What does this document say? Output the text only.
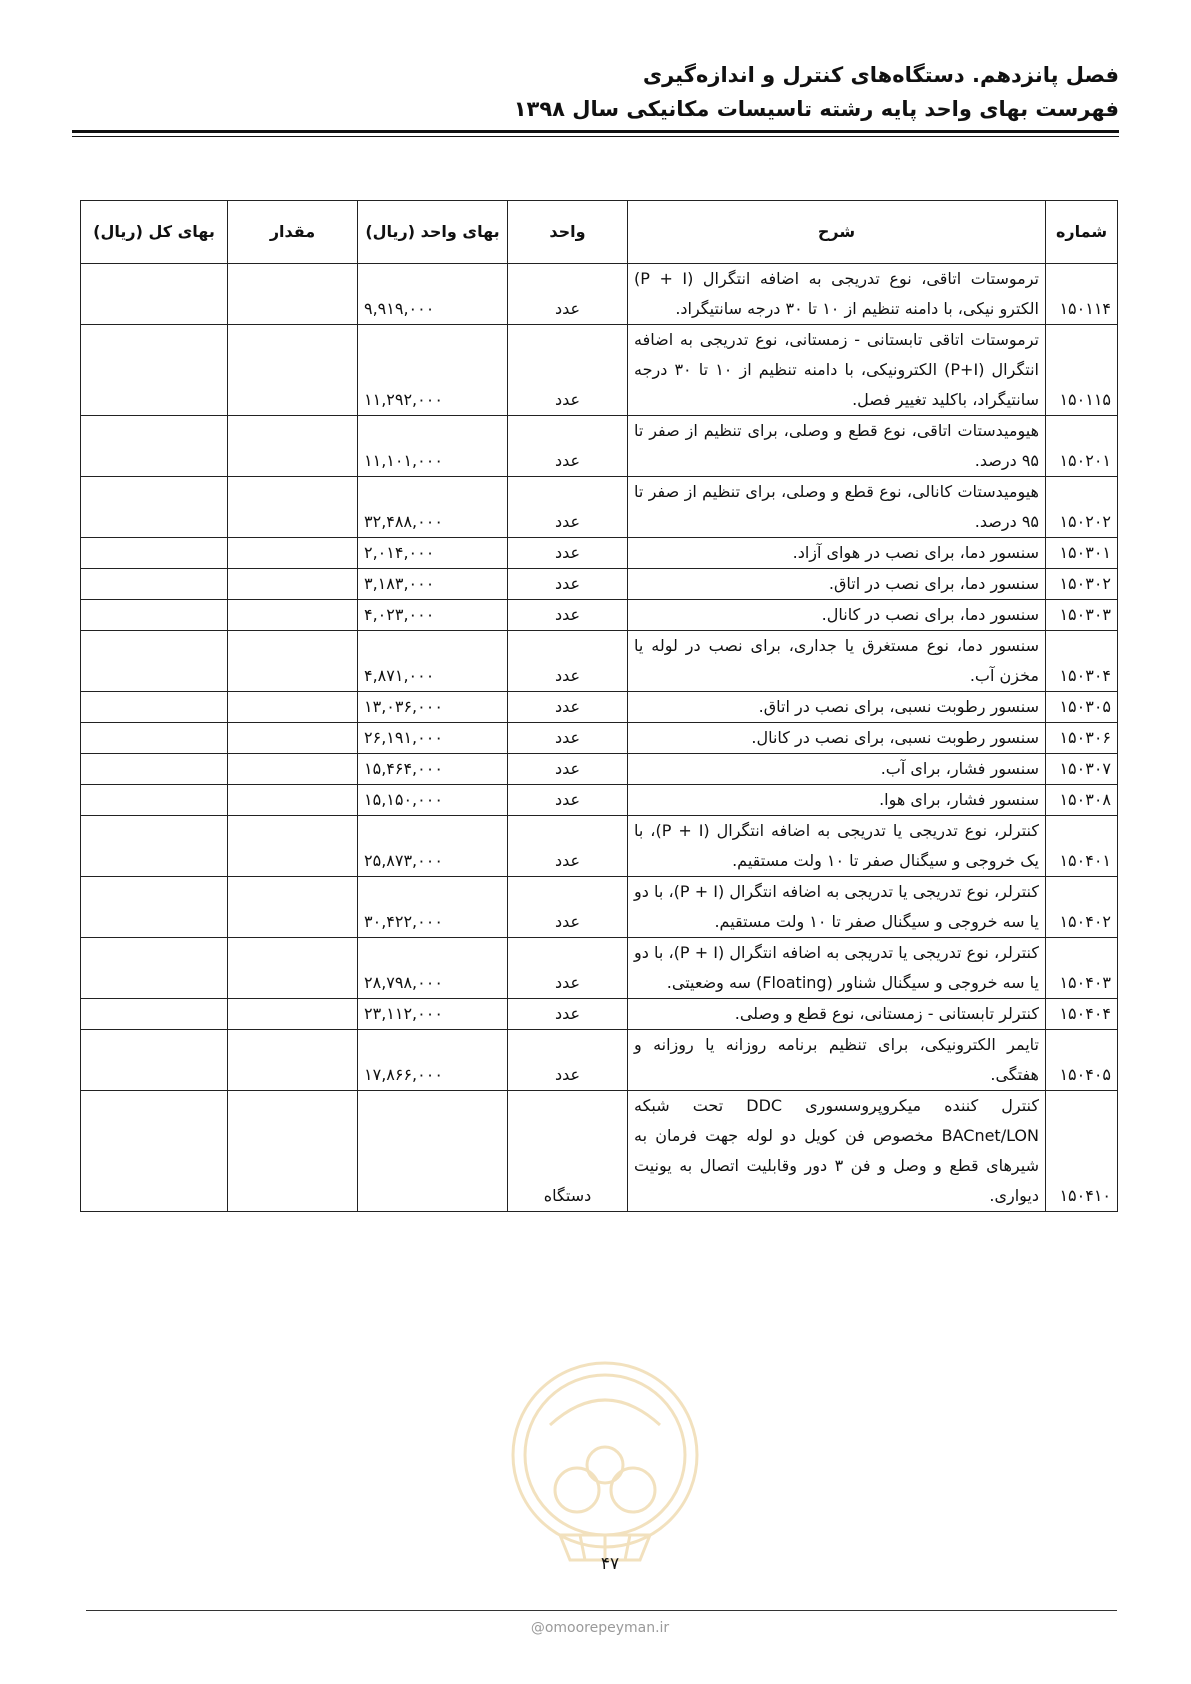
فصل پانزدهم. دستگاه‌های کنترل و اندازه‌گیری
فهرست بهای واحد پایه رشته تاسیسات مکانیکی سال ۱۳۹۸
شماره	شرح	واحد	بهای واحد (ریال)	مقدار	بهای کل (ریال)
۱۵۰۱۱۴	ترموستات اتاقی، نوع تدریجی به اضافه انتگرال (P + I) الکترو نیکی، با دامنه تنظیم از ۱۰ تا ۳۰ درجه سانتیگراد.	عدد	۹,۹۱۹,۰۰۰		
۱۵۰۱۱۵	ترموستات اتاقی تابستانی - زمستانی، نوع تدریجی به اضافه انتگرال (P+I) الکترونیکی، با دامنه تنظیم از ۱۰ تا ۳۰ درجه سانتیگراد، باکلید تغییر فصل.	عدد	۱۱,۲۹۲,۰۰۰		
۱۵۰۲۰۱	هیومیدستات اتاقی، نوع قطع و وصلی، برای تنظیم از صفر تا ۹۵ درصد.	عدد	۱۱,۱۰۱,۰۰۰		
۱۵۰۲۰۲	هیومیدستات کانالی، نوع قطع و وصلی، برای تنظیم از صفر تا ۹۵ درصد.	عدد	۳۲,۴۸۸,۰۰۰		
۱۵۰۳۰۱	سنسور دما، برای نصب در هوای آزاد.	عدد	۲,۰۱۴,۰۰۰		
۱۵۰۳۰۲	سنسور دما، برای نصب در اتاق.	عدد	۳,۱۸۳,۰۰۰		
۱۵۰۳۰۳	سنسور دما، برای نصب در کانال.	عدد	۴,۰۲۳,۰۰۰		
۱۵۰۳۰۴	سنسور دما، نوع مستغرق یا جداری، برای نصب در لوله یا مخزن آب.	عدد	۴,۸۷۱,۰۰۰		
۱۵۰۳۰۵	سنسور رطوبت نسبی، برای نصب در اتاق.	عدد	۱۳,۰۳۶,۰۰۰		
۱۵۰۳۰۶	سنسور رطوبت نسبی، برای نصب در کانال.	عدد	۲۶,۱۹۱,۰۰۰		
۱۵۰۳۰۷	سنسور فشار، برای آب.	عدد	۱۵,۴۶۴,۰۰۰		
۱۵۰۳۰۸	سنسور فشار، برای هوا.	عدد	۱۵,۱۵۰,۰۰۰		
۱۵۰۴۰۱	کنترلر، نوع تدریجی یا تدریجی به اضافه انتگرال (P + I)، با یک خروجی و سیگنال صفر تا ۱۰ ولت مستقیم.	عدد	۲۵,۸۷۳,۰۰۰		
۱۵۰۴۰۲	کنترلر، نوع تدریجی یا تدریجی به اضافه انتگرال (P + I)، با دو یا سه خروجی و سیگنال صفر تا ۱۰ ولت مستقیم.	عدد	۳۰,۴۲۲,۰۰۰		
۱۵۰۴۰۳	کنترلر، نوع تدریجی یا تدریجی به اضافه انتگرال (P + I)، با دو یا سه خروجی و سیگنال شناور (Floating) سه وضعیتی.	عدد	۲۸,۷۹۸,۰۰۰		
۱۵۰۴۰۴	کنترلر تابستانی - زمستانی، نوع قطع و وصلی.	عدد	۲۳,۱۱۲,۰۰۰		
۱۵۰۴۰۵	تایمر الکترونیکی، برای تنظیم برنامه روزانه یا روزانه و هفتگی.	عدد	۱۷,۸۶۶,۰۰۰		
۱۵۰۴۱۰	کنترل کننده میکروپروسسوری DDC تحت شبکه BACnet/LON مخصوص فن کویل دو لوله جهت فرمان به شیرهای قطع و وصل و فن ۳ دور وقابلیت اتصال به یونیت دیواری.	دستگاه			
۴۷
@omoorepeyman.ir
